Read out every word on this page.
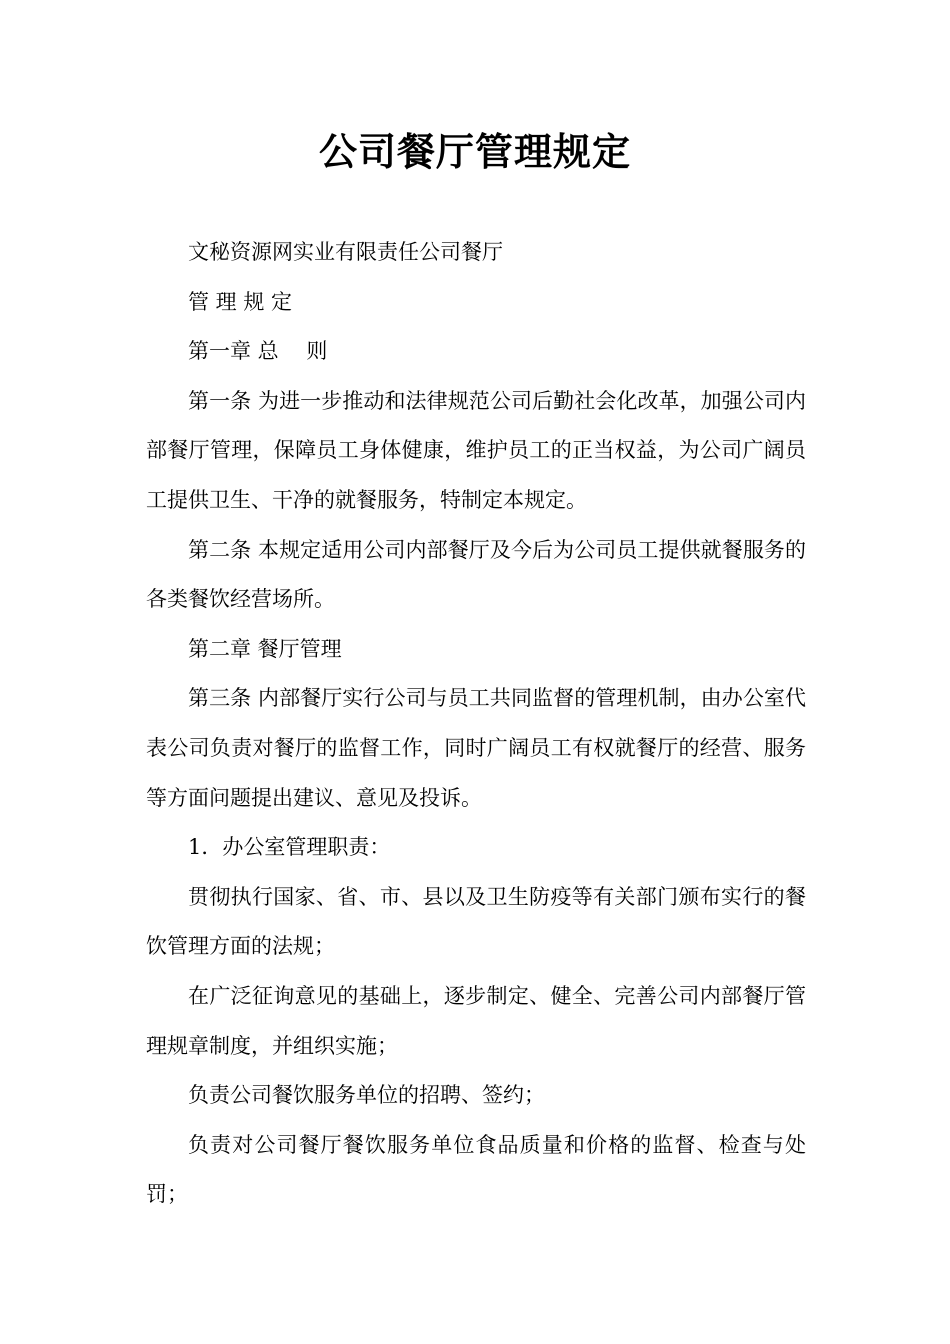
公司餐厅管理规定

文秘资源网实业有限责任公司餐厅

管 理 规 定

第一章 总　 则

第一条 为进一步推动和法律规范公司后勤社会化改革，加强公司内部餐厅管理，保障员工身体健康，维护员工的正当权益，为公司广阔员工提供卫生、干净的就餐服务，特制定本规定。

第二条 本规定适用公司内部餐厅及今后为公司员工提供就餐服务的各类餐饮经营场所。

第二章 餐厅管理

第三条 内部餐厅实行公司与员工共同监督的管理机制，由办公室代表公司负责对餐厅的监督工作，同时广阔员工有权就餐厅的经营、服务等方面问题提出建议、意见及投诉。

1．办公室管理职责：

贯彻执行国家、省、市、县以及卫生防疫等有关部门颁布实行的餐饮管理方面的法规；

在广泛征询意见的基础上，逐步制定、健全、完善公司内部餐厅管理规章制度，并组织实施；

负责公司餐饮服务单位的招聘、签约；

负责对公司餐厅餐饮服务单位食品质量和价格的监督、检查与处罚；
